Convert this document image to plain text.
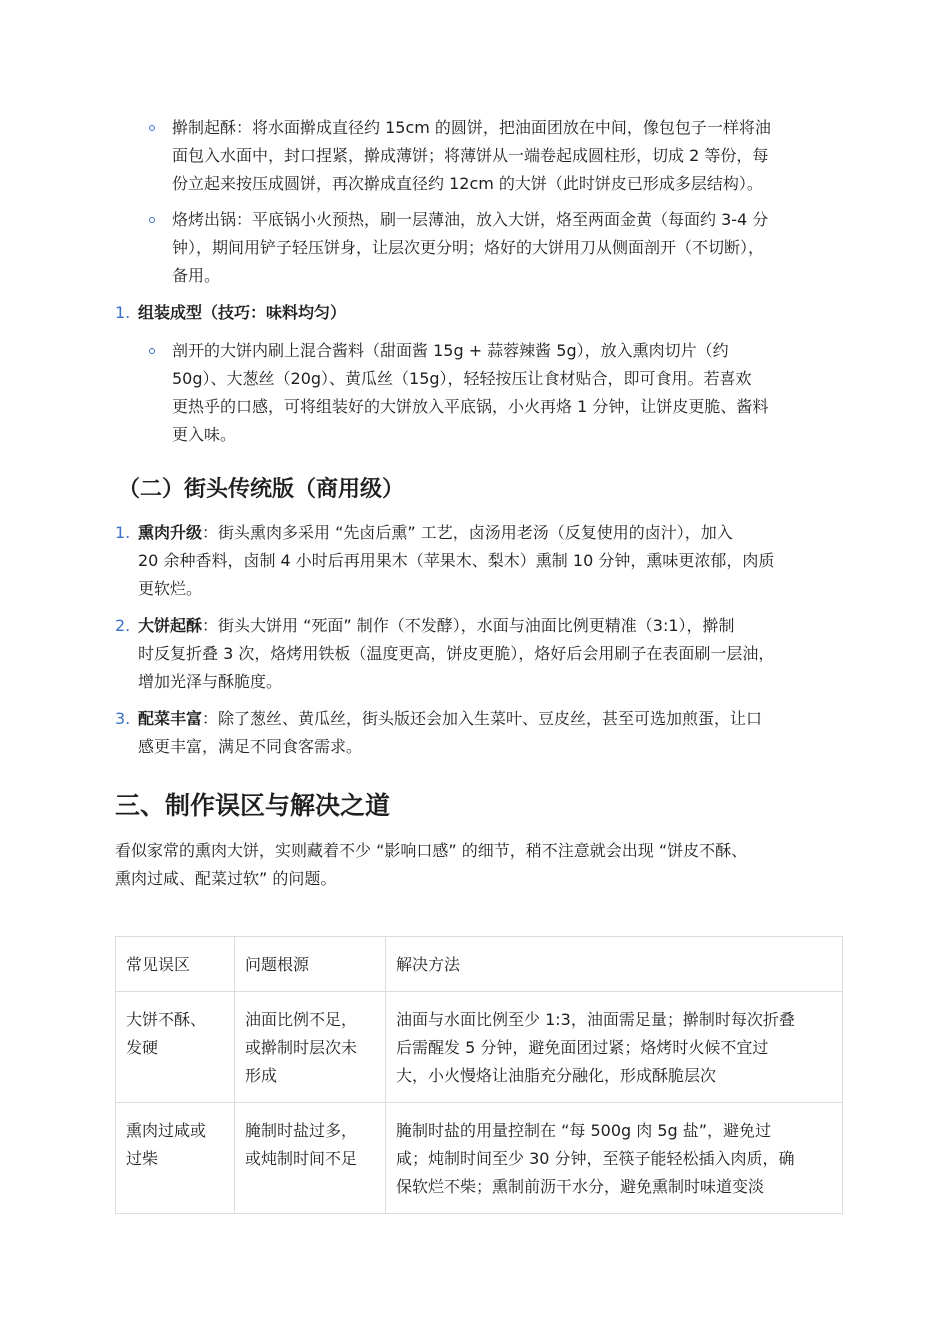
擀制起酥：将水面擀成直径约 15cm 的圆饼，把油面团放在中间，像包包子一样将油
面包入水面中，封口捏紧，擀成薄饼；将薄饼从一端卷起成圆柱形，切成 2 等份，每
份立起来按压成圆饼，再次擀成直径约 12cm 的大饼（此时饼皮已形成多层结构）。

烙烤出锅：平底锅小火预热，刷一层薄油，放入大饼，烙至两面金黄（每面约 3-4 分
钟），期间用铲子轻压饼身，让层次更分明；烙好的大饼用刀从侧面剖开（不切断），
备用。

1. 组装成型（技巧：味料均匀）

剖开的大饼内刷上混合酱料（甜面酱 15g + 蒜蓉辣酱 5g），放入熏肉切片（约
50g）、大葱丝（20g）、黄瓜丝（15g），轻轻按压让食材贴合，即可食用。若喜欢
更热乎的口感，可将组装好的大饼放入平底锅，小火再烙 1 分钟，让饼皮更脆、酱料
更入味。

（二）街头传统版（商用级）
1. 熏肉升级：街头熏肉多采用 “先卤后熏” 工艺，卤汤用老汤（反复使用的卤汁），加入
20 余种香料，卤制 4 小时后再用果木（苹果木、梨木）熏制 10 分钟，熏味更浓郁，肉质
更软烂。

2. 大饼起酥：街头大饼用 “死面” 制作（不发酵），水面与油面比例更精准（3:1），擀制
时反复折叠 3 次，烙烤用铁板（温度更高，饼皮更脆），烙好后会用刷子在表面刷一层油，
增加光泽与酥脆度。

3. 配菜丰富：除了葱丝、黄瓜丝，街头版还会加入生菜叶、豆皮丝，甚至可选加煎蛋，让口
感更丰富，满足不同食客需求。

三、制作误区与解决之道

看似家常的熏肉大饼，实则藏着不少 “影响口感” 的细节，稍不注意就会出现 “饼皮不酥、
熏肉过咸、配菜过软” 的问题。

常见误区	问题根源	解决方法

大饼不酥、
发硬	油面比例不足，
或擀制时层次未
形成	油面与水面比例至少 1:3，油面需足量；擀制时每次折叠
后需醒发 5 分钟，避免面团过紧；烙烤时火候不宜过
大，小火慢烙让油脂充分融化，形成酥脆层次

熏肉过咸或
过柴	腌制时盐过多，
或炖制时间不足	腌制时盐的用量控制在 “每 500g 肉 5g 盐”，避免过
咸；炖制时间至少 30 分钟，至筷子能轻松插入肉质，确
保软烂不柴；熏制前沥干水分，避免熏制时味道变淡
